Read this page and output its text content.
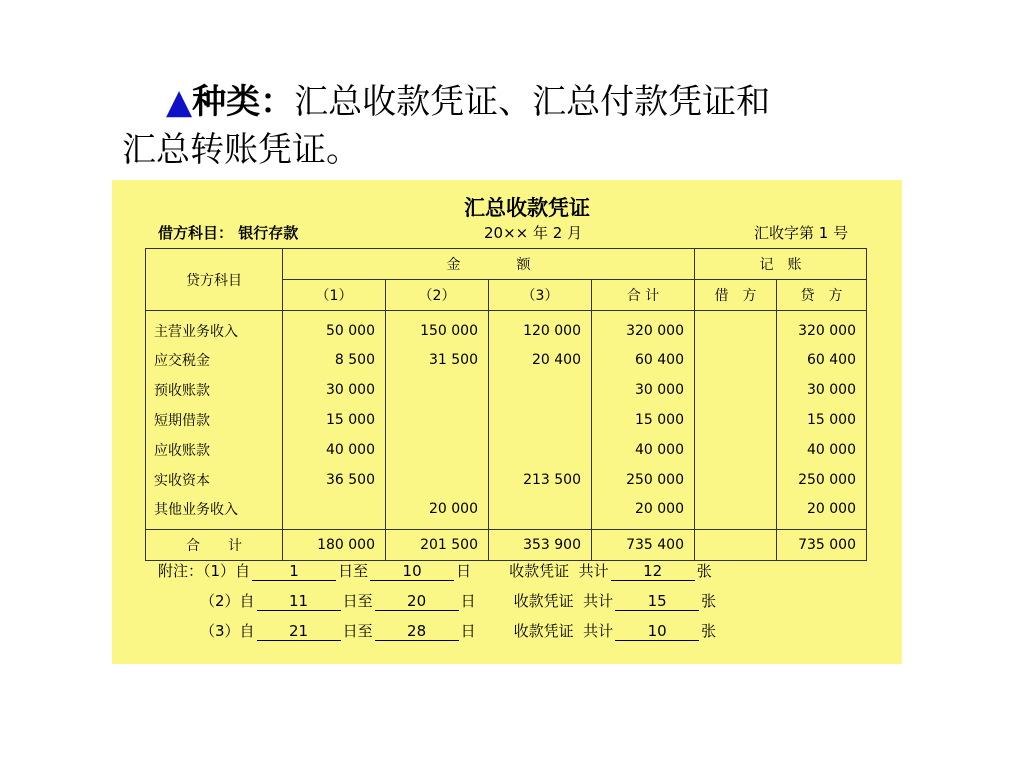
▲种类：汇总收款凭证、汇总付款凭证和
汇总转账凭证。
汇总收款凭证
借方科目： 银行存款	20×× 年 2 月	汇收字第 1 号
贷方科目	金　　　　额				记　账	
	（1）	（2）	（3）	合 计	借　方	贷　方
主营业务收入	50 000	150 000	120 000	320 000		320 000
应交税金	8 500	31 500	20 400	60 400		60 400
预收账款	30 000			30 000		30 000
短期借款	15 000			15 000		15 000
应收账款	40 000			40 000		40 000
实收资本	36 500		213 500	250 000		250 000
其他业务收入		20 000		20 000		20 000
合　　计	180 000	201 500	353 900	735 400		735 000
附注：（1）自	1	日至 10 日	收款凭证 共计 12 张
（2）自 11 日至 20 日	收款凭证 共计 15 张
（3）自 21 日至 28 日	收款凭证 共计 10 张
